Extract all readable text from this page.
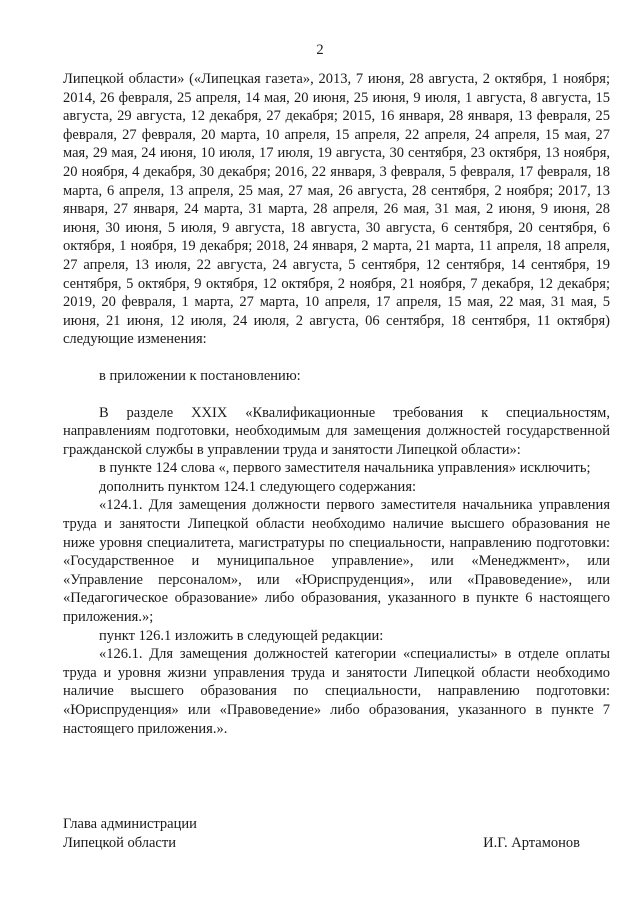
2

Липецкой области» («Липецкая газета», 2013, 7 июня, 28 августа, 2 октября, 1 ноября; 2014, 26 февраля, 25 апреля, 14 мая, 20 июня, 25 июня, 9 июля, 1 августа, 8 августа, 15 августа, 29 августа, 12 декабря, 27 декабря; 2015, 16 января, 28 января, 13 февраля, 25 февраля, 27 февраля, 20 марта, 10 апреля, 15 апреля, 22 апреля, 24 апреля, 15 мая, 27 мая, 29 мая, 24 июня, 10 июля, 17 июля, 19 августа, 30 сентября, 23 октября, 13 ноября, 20 ноября, 4 декабря, 30 декабря; 2016, 22 января, 3 февраля, 5 февраля, 17 февраля, 18 марта, 6 апреля, 13 апреля, 25 мая, 27 мая, 26 августа, 28 сентября, 2 ноября; 2017, 13 января, 27 января, 24 марта, 31 марта, 28 апреля, 26 мая, 31 мая, 2 июня, 9 июня, 28 июня, 30 июня, 5 июля, 9 августа, 18 августа, 30 августа, 6 сентября, 20 сентября, 6 октября, 1 ноября, 19 декабря; 2018, 24 января, 2 марта, 21 марта, 11 апреля, 18 апреля, 27 апреля, 13 июля, 22 августа, 24 августа, 5 сентября, 12 сентября, 14 сентября, 19 сентября, 5 октября, 9 октября, 12 октября, 2 ноября, 21 ноября, 7 декабря, 12 декабря; 2019, 20 февраля, 1 марта, 27 марта, 10 апреля, 17 апреля, 15 мая, 22 мая, 31 мая, 5 июня, 21 июня, 12 июля, 24 июля, 2 августа, 06 сентября, 18 сентября, 11 октября) следующие изменения:

в приложении к постановлению:

В разделе XXIX «Квалификационные требования к специальностям, направлениям подготовки, необходимым для замещения должностей государственной гражданской службы в управлении труда и занятости Липецкой области»:

в пункте 124 слова «, первого заместителя начальника управления» исключить;

дополнить пунктом 124.1 следующего содержания:

«124.1. Для замещения должности первого заместителя начальника управления труда и занятости Липецкой области необходимо наличие высшего образования не ниже уровня специалитета, магистратуры по специальности, направлению подготовки: «Государственное и муниципальное управление», или «Менеджмент», или «Управление персоналом», или «Юриспруденция», или «Правоведение», или «Педагогическое образование» либо образования, указанного в пункте 6 настоящего приложения.»;

пункт 126.1 изложить в следующей редакции:

«126.1. Для замещения должностей категории «специалисты» в отделе оплаты труда и уровня жизни управления труда и занятости Липецкой области необходимо наличие высшего образования по специальности, направлению подготовки: «Юриспруденция» или «Правоведение» либо образования, указанного в пункте 7 настоящего приложения.».

Глава администрации
Липецкой области	И.Г. Артамонов
